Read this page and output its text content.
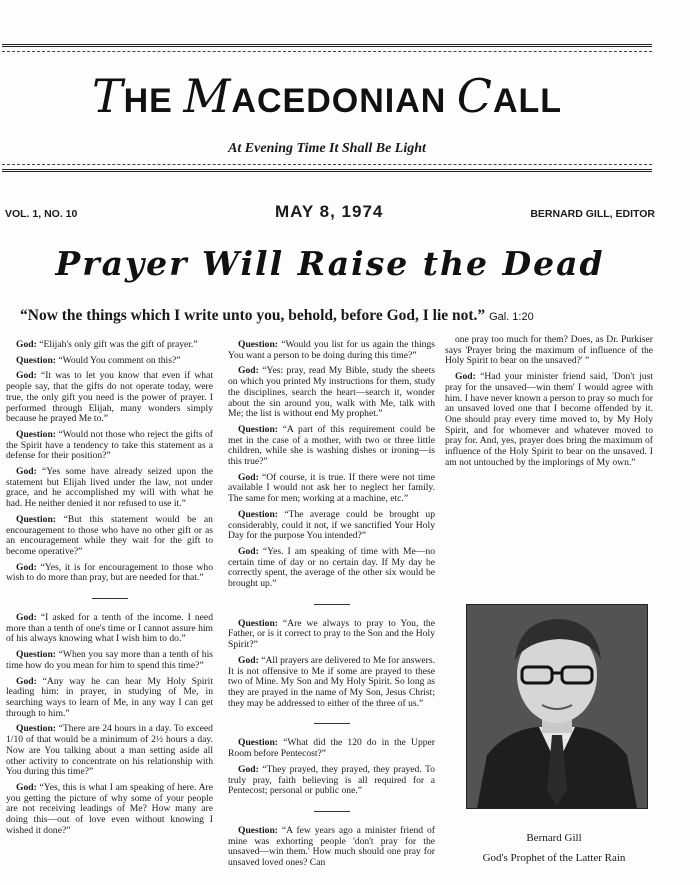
THE MACEDONIAN CALL
At Evening Time It Shall Be Light
VOL. 1, NO. 10	MAY 8, 1974	BERNARD GILL, EDITOR
Prayer Will Raise the Dead
“Now the things which I write unto you, behold, before God, I lie not.” Gal. 1:20

God: “Elijah's only gift was the gift of prayer.”

Question: “Would You comment on this?”

God: “It was to let you know that even if what people say, that the gifts do not operate today, were true, the only gift you need is the power of prayer. I performed through Elijah, many wonders simply because he prayed Me to.”

Question: “Would not those who reject the gifts of the Spirit have a tendency to take this statement as a defense for their position?”

God: “Yes some have already seized upon the statement but Elijah lived under the law, not under grace, and he accomplished my will with what he had. He neither denied it nor refused to use it.”

Question: “But this statement would be an encouragement to those who have no other gift or as an encouragement while they wait for the gift to become operative?”

God: “Yes, it is for encouragement to those who wish to do more than pray, but are needed for that.”

God: “I asked for a tenth of the income. I need more than a tenth of one's time or I cannot assure him of his always knowing what I wish him to do.”

Question: “When you say more than a tenth of his time how do you mean for him to spend this time?”

God: “Any way he can hear My Holy Spirit leading him: in prayer, in studying of Me, in searching ways to learn of Me, in any way I can get through to him.”

Question: “There are 24 hours in a day. To exceed 1/10 of that would be a minimum of 2½ hours a day. Now are You talking about a man setting aside all other activity to concentrate on his relationship with You during this time?”

God: “Yes, this is what I am speaking of here. Are you getting the picture of why some of your people are not receiving leadings of Me? How many are doing this—out of love even without knowing I wished it done?”

Question: “Would you list for us again the things You want a person to be doing during this time?”

God: “Yes: pray, read My Bible, study the sheets on which you printed My instructions for them, study the disciplines, search the heart—search it, wonder about the sin around you, walk with Me, talk with Me; the list is without end My prophet.”

Question: “A part of this requirement could be met in the case of a mother, with two or three little children, while she is washing dishes or ironing—is this true?”

God: “Of course, it is true. If there were not time available I would not ask her to neglect her family. The same for men; working at a machine, etc.”

Question: “The average could be brought up considerably, could it not, if we sanctified Your Holy Day for the purpose You intended?”

God: “Yes. I am speaking of time with Me—no certain time of day or no certain day. If My day be correctly spent, the average of the other six would be brought up.”

Question: “Are we always to pray to You, the Father, or is it correct to pray to the Son and the Holy Spirit?”

God: “All prayers are delivered to Me for answers. It is not offensive to Me if some are prayed to these two of Mine. My Son and My Holy Spirit. So long as they are prayed in the name of My Son, Jesus Christ; they may be addressed to either of the three of us.”

Question: “What did the 120 do in the Upper Room before Pentecost?”

God: “They prayed, they prayed, they prayed. To truly pray, faith believing is all required for a Pentecost; personal or public one.”

Question: “A few years ago a minister friend of mine was exhorting people 'don't pray for the unsaved—win them.' How much should one pray for unsaved loved ones? Can

one pray too much for them? Does, as Dr. Purkiser says 'Prayer bring the maximum of influence of the Holy Spirit to bear on the unsaved?' ”

God: “Had your minister friend said, 'Don't just pray for the unsaved—win them' I would agree with him. I have never known a person to pray so much for an unsaved loved one that I become offended by it. One should pray every time moved to, by My Holy Spirit, and for whomever and whatever moved to pray for. And, yes, prayer does bring the maximum of influence of the Holy Spirit to bear on the unsaved. I am not untouched by the implorings of My own.”

Bernard Gill
God's Prophet of the Latter Rain
